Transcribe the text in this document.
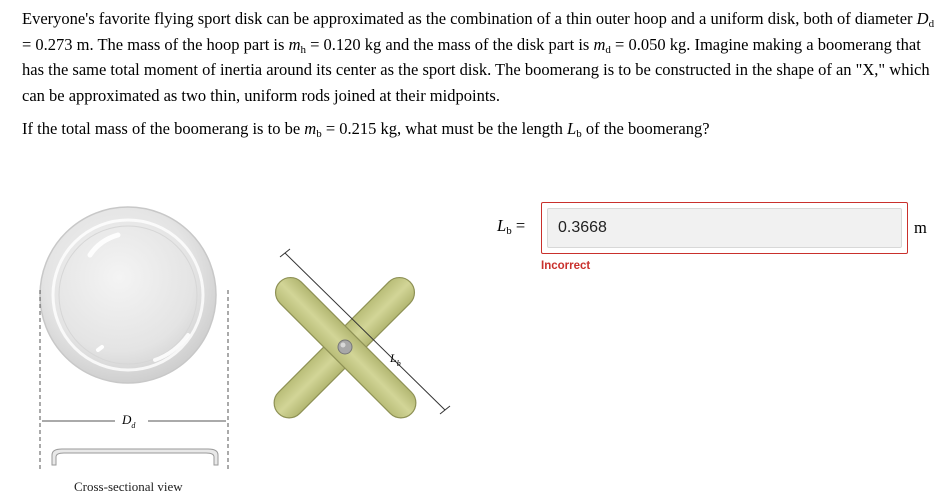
Everyone's favorite flying sport disk can be approximated as the combination of a thin outer hoop and a uniform disk, both of diameter $D_d = 0.273$ m. The mass of the hoop part is $m_h = 0.120$ kg and the mass of the disk part is $m_d = 0.050$ kg. Imagine making a boomerang that has the same total moment of inertia around its center as the sport disk. The boomerang is to be constructed in the shape of an "X," which can be approximated as two thin, uniform rods joined at their midpoints.

If the total mass of the boomerang is to be $m_b = 0.215$ kg, what must be the length $L_b$ of the boomerang?

$D_d$
$L_b$
Cross-sectional view
$L_b$ =
0.3668	m
Incorrect
